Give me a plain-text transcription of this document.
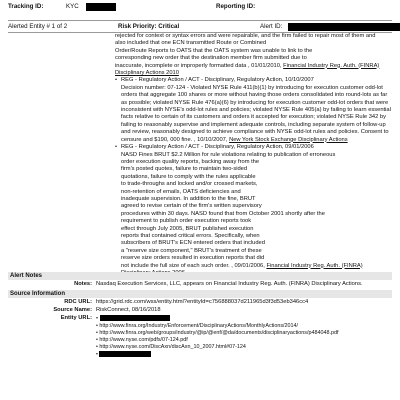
Tracking ID:	KYC	Reporting ID:
Alerted Entity # 1 of 2	Risk Priority: Critical	Alert ID:

rejected for context or syntax errors and were repairable, and the firm failed to repair most of them and

also included that one ECN transmitted Route or Combined

Order/Route Reports to OATS that the OATS system was unable to link to the

corresponding new order that the destination member firm submitted due to

inaccurate, incomplete or improperly formatted data , 01/01/2010, Financial Industry Reg. Auth. (FINRA)

Disciplinary Actions 2010

• REG - Regulatory Action / ACT - Disciplinary, Regulatory Action, 10/10/2007

Decision number: 07-124 - Violated NYSE Rule 411(b)(1) by introducing for execution customer odd-lot

orders that aggregate 100 shares or more without having those orders consolidated into round-lots as far

as possible; violated NYSE Rule 476(a)(6) by introducing for execution customer odd-lot orders that were

inconsistent with NYSE's odd-lot rules and policies; violated NYSE Rule 405(a) by failing to learn essential

facts relative to certain of its customers and orders it accepted for execution; violated NYSE Rule 342 by

failing to reasonably supervise and implement adequate controls, including separate system of follow-up

and review, reasonably designed to achieve compliance with NYSE odd-lot rules and policies. Consent to

censure and $190, 000 fine. , 10/10/2007, New York Stock Exchange Disciplinary Actions

• REG - Regulatory Action / ACT - Disciplinary, Regulatory Action, 09/01/2006

NASD Fines BRUT $2.2 Million for rule violations relating to publication of erroneous

order execution quality reports, backing away from the

firm's posted quotes, failure to maintain two-sided

quotations, failure to comply with the rules applicable

to trade-throughs and locked and/or crossed markets,

non-retention of emails, OATS deficiencies and

inadequate supervision. In addition to the fine, BRUT

agreed to revise certain of the firm's written supervisory

procedures within 30 days. NASD found that from October 2001 shortly after the

requirement to publish order execution reports took

effect through July 2005, BRUT published execution

reports that contained critical errors. Specifically, when

subscribers of BRUT's ECN entered orders that included

a "reserve size component," BRUT's treatment of these

reserve size orders resulted in execution reports that did

not include the full size of each such order. , 09/01/2006, Financial Industry Reg. Auth. (FINRA)

Alert Notes
Notes: Nasdaq Execution Services, LLC, appears on Financial Industry Reg. Auth. (FINRA) Disciplinary Actions.
Source Information
RDC URL: https://grid.rdc.com/wss/entity.html?entityId=c756888037d211965d3f3d53eb346cc4
Source Name: RiskConnect, 08/16/2018
Entity URL: •
• http://www.finra.org/Industry/Enforcement/DisciplinaryActions/MonthlyActions/2014/
• http://www.finra.org/web/groups/industry/@ip/@enf/@da/documents/disciplinaryactions/p484048.pdf
• http://www.nyse.com/pdfs/07-124.pdf
• http://www.nyse.com/DiscAxn/discAxn_10_2007.html#07-124
•
